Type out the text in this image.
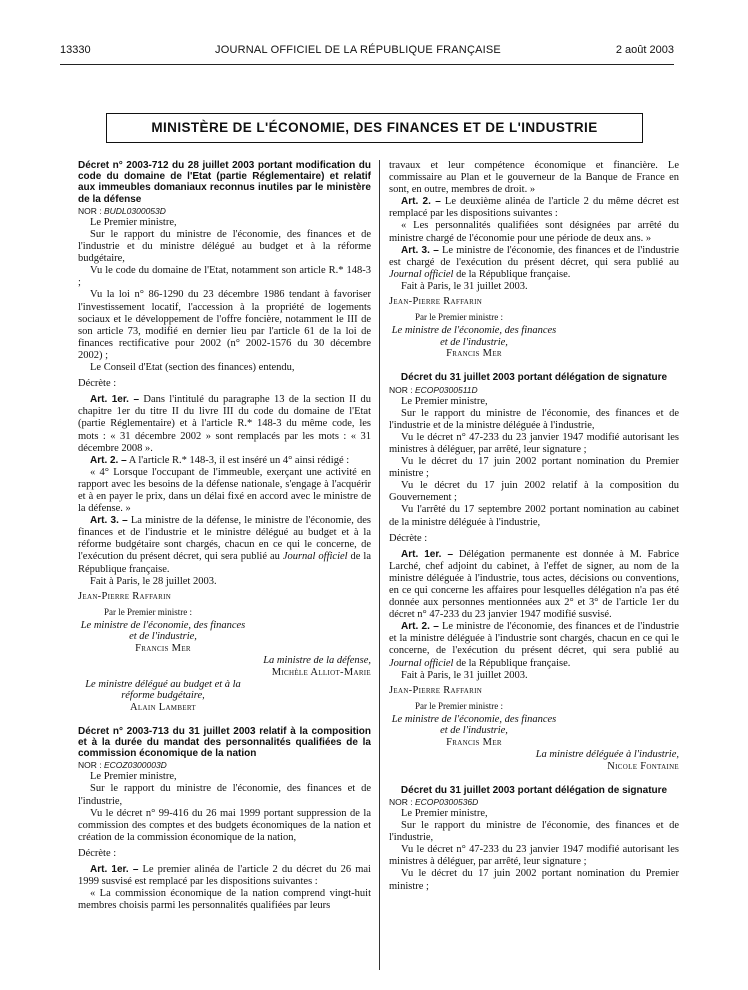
13330	JOURNAL OFFICIEL DE LA RÉPUBLIQUE FRANÇAISE	2 août 2003
MINISTÈRE DE L'ÉCONOMIE, DES FINANCES ET DE L'INDUSTRIE

Décret n° 2003-712 du 28 juillet 2003 portant modification du code du domaine de l'Etat (partie Réglementaire) et relatif aux immeubles domaniaux reconnus inutiles par le ministère de la défense

NOR : BUDL0300053D

Le Premier ministre,

Sur le rapport du ministre de l'économie, des finances et de l'industrie et du ministre délégué au budget et à la réforme budgétaire,

Vu le code du domaine de l'Etat, notamment son article R.* 148-3 ;

Vu la loi n° 86-1290 du 23 décembre 1986 tendant à favoriser l'investissement locatif, l'accession à la propriété de logements sociaux et le développement de l'offre foncière, notamment le III de son article 73, modifié en dernier lieu par l'article 61 de la loi de finances rectificative pour 2002 (n° 2002-1576 du 30 décembre 2002) ;

Le Conseil d'Etat (section des finances) entendu,

Décrète :

Art. 1er. – Dans l'intitulé du paragraphe 13 de la section II du chapitre 1er du titre II du livre III du code du domaine de l'Etat (partie Réglementaire) et à l'article R.* 148-3 du même code, les mots : « 31 décembre 2002 » sont remplacés par les mots : « 31 décembre 2008 ».

Art. 2. – A l'article R.* 148-3, il est inséré un 4° ainsi rédigé :

« 4° Lorsque l'occupant de l'immeuble, exerçant une activité en rapport avec les besoins de la défense nationale, s'engage à l'acquérir et à en payer le prix, dans un délai fixé en accord avec le ministre de la défense. »

Art. 3. – La ministre de la défense, le ministre de l'économie, des finances et de l'industrie et le ministre délégué au budget et à la réforme budgétaire sont chargés, chacun en ce qui le concerne, de l'exécution du présent décret, qui sera publié au Journal officiel de la République française.

Fait à Paris, le 28 juillet 2003.

Jean-Pierre Raffarin

Par le Premier ministre :

Le ministre de l'économie, des finances et de l'industrie,

Francis Mer

La ministre de la défense,

Michèle Alliot-Marie

Le ministre délégué au budget et à la réforme budgétaire,

Alain Lambert

Décret n° 2003-713 du 31 juillet 2003 relatif à la composition et à la durée du mandat des personnalités qualifiées de la commission économique de la nation

NOR : ECOZ0300003D

Le Premier ministre,

Sur le rapport du ministre de l'économie, des finances et de l'industrie,

Vu le décret n° 99-416 du 26 mai 1999 portant suppression de la commission des comptes et des budgets économiques de la nation et création de la commission économique de la nation,

Décrète :

Art. 1er. – Le premier alinéa de l'article 2 du décret du 26 mai 1999 susvisé est remplacé par les dispositions suivantes :

« La commission économique de la nation comprend vingt-huit membres choisis parmi les personnalités qualifiées par leurs

travaux et leur compétence économique et financière. Le commissaire au Plan et le gouverneur de la Banque de France en sont, en outre, membres de droit. »

Art. 2. – Le deuxième alinéa de l'article 2 du même décret est remplacé par les dispositions suivantes :

« Les personnalités qualifiées sont désignées par arrêté du ministre chargé de l'économie pour une période de deux ans. »

Art. 3. – Le ministre de l'économie, des finances et de l'industrie est chargé de l'exécution du présent décret, qui sera publié au Journal officiel de la République française.

Fait à Paris, le 31 juillet 2003.

Jean-Pierre Raffarin

Par le Premier ministre :

Le ministre de l'économie, des finances et de l'industrie,

Francis Mer

Décret du 31 juillet 2003 portant délégation de signature

NOR : ECOP0300511D

Le Premier ministre,

Sur le rapport du ministre de l'économie, des finances et de l'industrie et de la ministre déléguée à l'industrie,

Vu le décret n° 47-233 du 23 janvier 1947 modifié autorisant les ministres à déléguer, par arrêté, leur signature ;

Vu le décret du 17 juin 2002 portant nomination du Premier ministre ;

Vu le décret du 17 juin 2002 relatif à la composition du Gouvernement ;

Vu l'arrêté du 17 septembre 2002 portant nomination au cabinet de la ministre déléguée à l'industrie,

Décrète :

Art. 1er. – Délégation permanente est donnée à M. Fabrice Larché, chef adjoint du cabinet, à l'effet de signer, au nom de la ministre déléguée à l'industrie, tous actes, décisions ou conventions, en ce qui concerne les affaires pour lesquelles délégation n'a pas été donnée aux personnes mentionnées aux 2° et 3° de l'article 1er du décret n° 47-233 du 23 janvier 1947 modifié susvisé.

Art. 2. – Le ministre de l'économie, des finances et de l'industrie et la ministre déléguée à l'industrie sont chargés, chacun en ce qui le concerne, de l'exécution du présent décret, qui sera publié au Journal officiel de la République française.

Fait à Paris, le 31 juillet 2003.

Jean-Pierre Raffarin

Par le Premier ministre :

Le ministre de l'économie, des finances et de l'industrie,

Francis Mer

La ministre déléguée à l'industrie,

Nicole Fontaine

Décret du 31 juillet 2003 portant délégation de signature

NOR : ECOP0300536D

Le Premier ministre,

Sur le rapport du ministre de l'économie, des finances et de l'industrie,

Vu le décret n° 47-233 du 23 janvier 1947 modifié autorisant les ministres à déléguer, par arrêté, leur signature ;

Vu le décret du 17 juin 2002 portant nomination du Premier ministre ;
